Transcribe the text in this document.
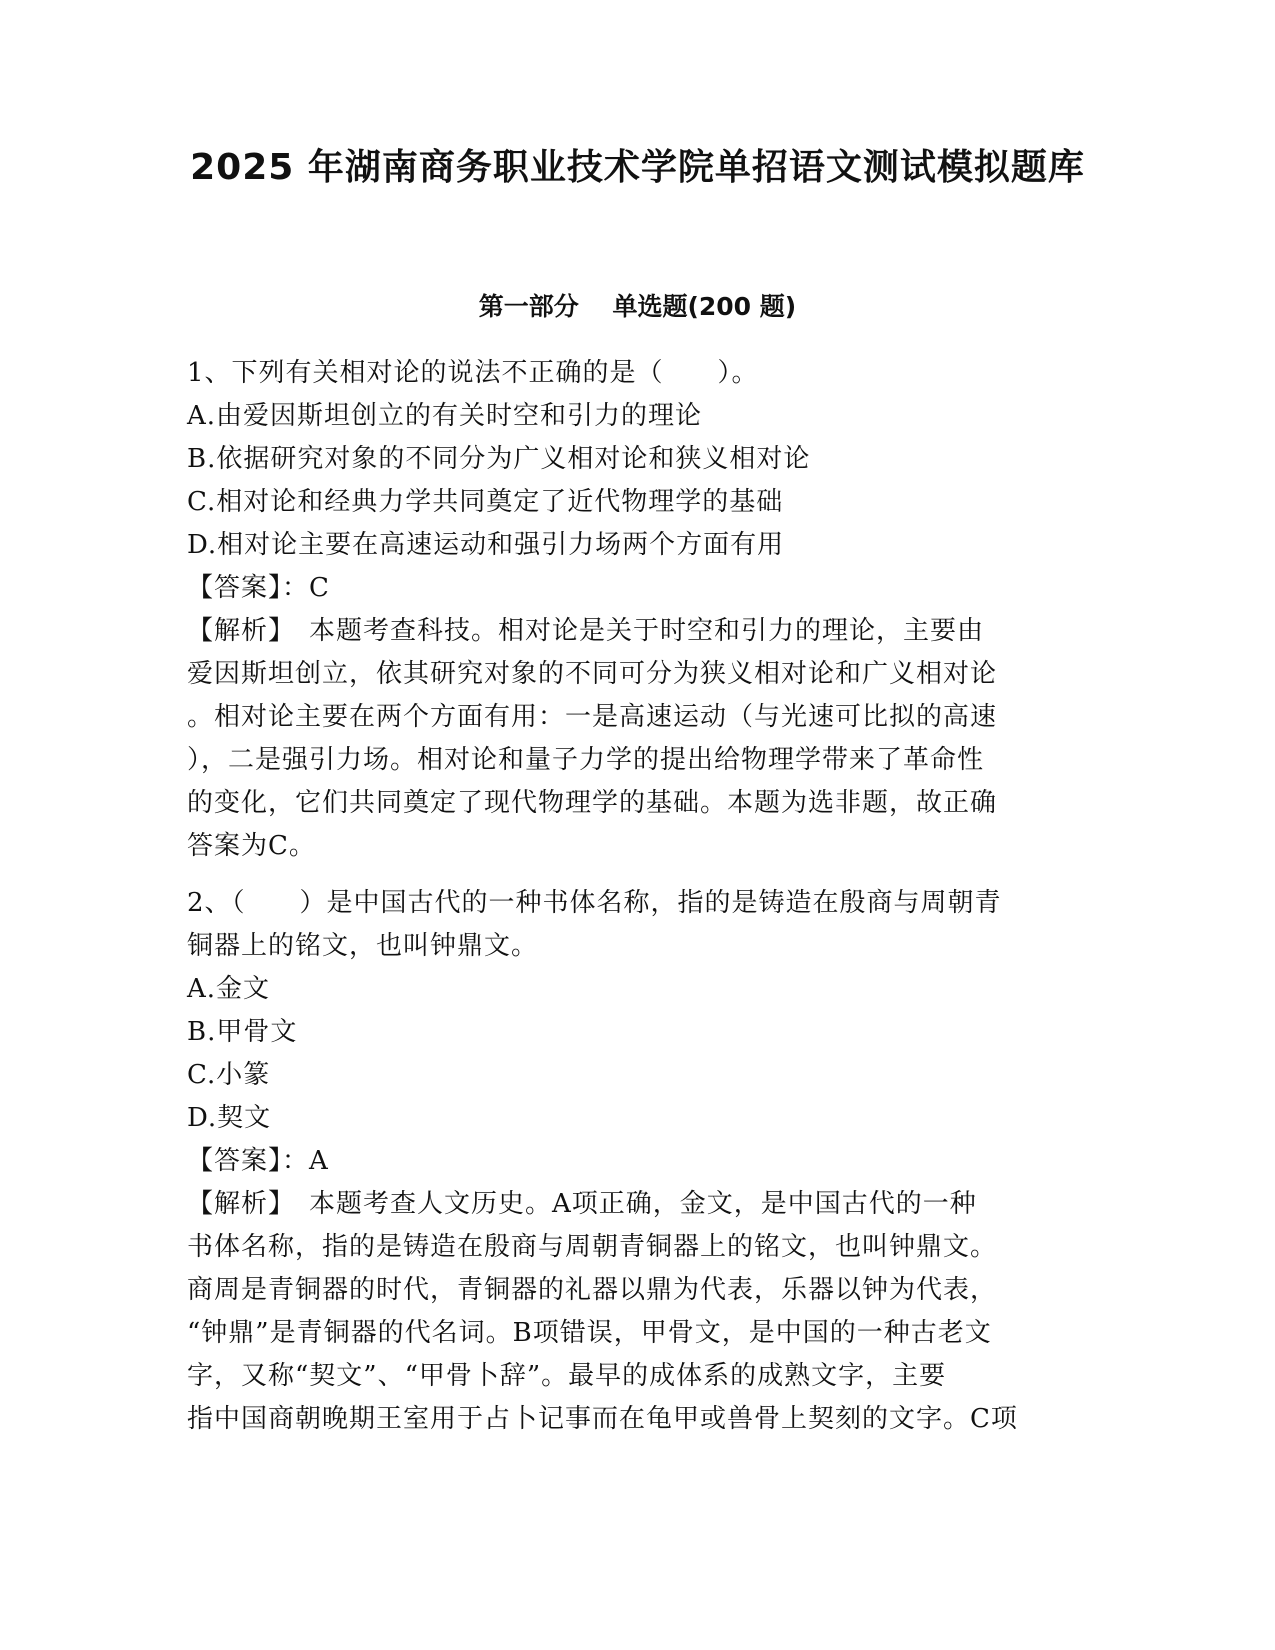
2025 年湖南商务职业技术学院单招语文测试模拟题库
第一部分　 单选题(200 题)
1、下列有关相对论的说法不正确的是（　　）。
A.由爱因斯坦创立的有关时空和引力的理论
B.依据研究对象的不同分为广义相对论和狭义相对论
C.相对论和经典力学共同奠定了近代物理学的基础
D.相对论主要在高速运动和强引力场两个方面有用
【答案】：C
【解析】　本题考查科技。相对论是关于时空和引力的理论，主要由
爱因斯坦创立，依其研究对象的不同可分为狭义相对论和广义相对论
。相对论主要在两个方面有用：一是高速运动（与光速可比拟的高速
），二是强引力场。相对论和量子力学的提出给物理学带来了革命性
的变化，它们共同奠定了现代物理学的基础。本题为选非题，故正确
答案为C。
2、（　　）是中国古代的一种书体名称，指的是铸造在殷商与周朝青
铜器上的铭文，也叫钟鼎文。
A.金文
B.甲骨文
C.小篆
D.契文
【答案】：A
【解析】　本题考查人文历史。A项正确，金文，是中国古代的一种
书体名称，指的是铸造在殷商与周朝青铜器上的铭文，也叫钟鼎文。
商周是青铜器的时代，青铜器的礼器以鼎为代表，乐器以钟为代表，
“钟鼎”是青铜器的代名词。B项错误，甲骨文，是中国的一种古老文
字，又称“契文”、“甲骨卜辞”。最早的成体系的成熟文字，主要
指中国商朝晚期王室用于占卜记事而在龟甲或兽骨上契刻的文字。C项
